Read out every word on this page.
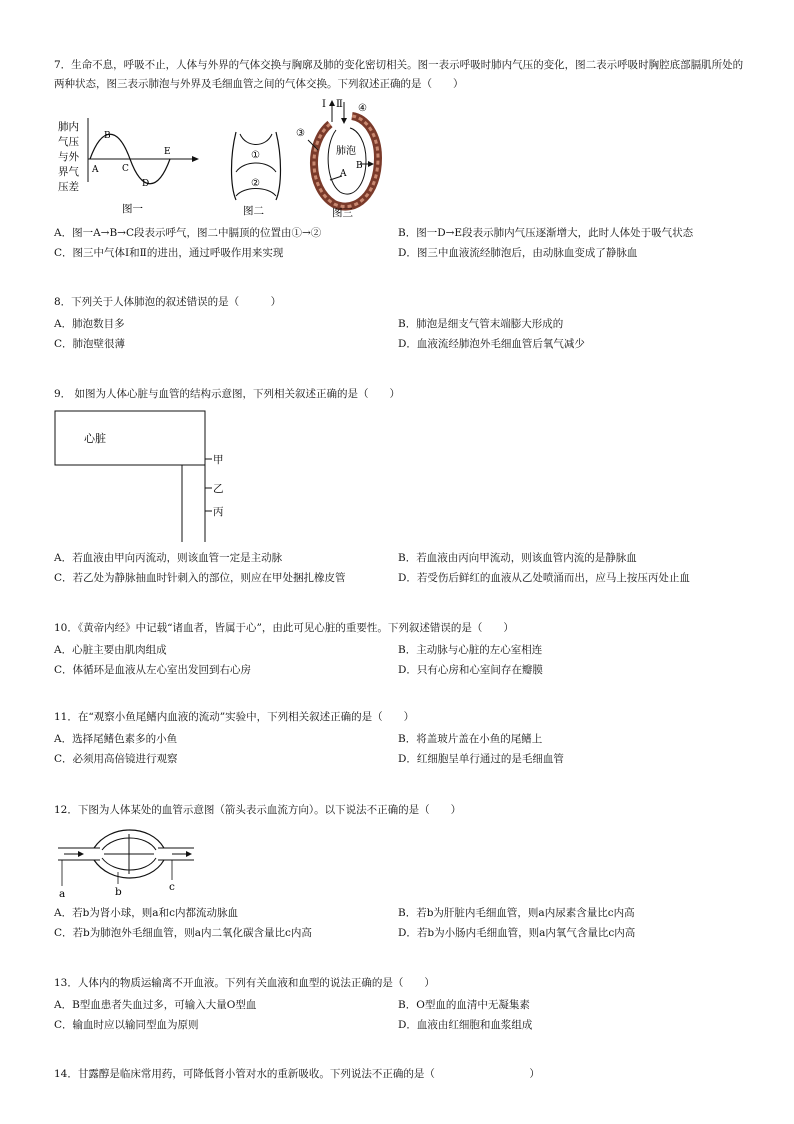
7．生命不息，呼吸不止，人体与外界的气体交换与胸廓及肺的变化密切相关。图一表示呼吸时肺内气压的变化，图二表示呼吸时胸腔底部膈肌所处的两种状态，图三表示肺泡与外界及毛细血管之间的气体交换。下列叙述正确的是（　　）
肺内
气压
与外
界气
压差
A
B
C
D
E
图一
①
②
图二
Ⅰ Ⅱ
③
④
肺泡
A
B
图三
A．图一A→B→C段表示呼气，图二中膈顶的位置由①→②	B．图一D→E段表示肺内气压逐渐增大，此时人体处于吸气状态
C．图三中气体Ⅰ和Ⅱ的进出，通过呼吸作用来实现	D．图三中血液流经肺泡后，由动脉血变成了静脉血
8．下列关于人体肺泡的叙述错误的是（　　　）
A．肺泡数目多	B．肺泡是细支气管末端膨大形成的
C．肺泡壁很薄	D．血液流经肺泡外毛细血管后氧气减少
9． 如图为人体心脏与血管的结构示意图，下列相关叙述正确的是（　　）
心脏
甲
乙
丙
A．若血液由甲向丙流动，则该血管一定是主动脉	B．若血液由丙向甲流动，则该血管内流的是静脉血
C．若乙处为静脉抽血时针刺入的部位，则应在甲处捆扎橡皮管	D．若受伤后鲜红的血液从乙处喷涌而出，应马上按压丙处止血
10．《黄帝内经》中记载“诸血者，皆属于心”，由此可见心脏的重要性。下列叙述错误的是（　　）
A．心脏主要由肌肉组成	B．主动脉与心脏的左心室相连
C．体循环是血液从左心室出发回到右心房	D．只有心房和心室间存在瓣膜
11．在“观察小鱼尾鳍内血液的流动”实验中，下列相关叙述正确的是（　　）
A．选择尾鳍色素多的小鱼	B．将盖玻片盖在小鱼的尾鳍上
C．必须用高倍镜进行观察	D．红细胞呈单行通过的是毛细血管
12．下图为人体某处的血管示意图（箭头表示血流方向）。以下说法不正确的是（　　）
a	b	c
A．若b为肾小球，则a和c内都流动脉血	B．若b为肝脏内毛细血管，则a内尿素含量比c内高
C．若b为肺泡外毛细血管，则a内二氧化碳含量比c内高	D．若b为小肠内毛细血管，则a内氧气含量比c内高
13．人体内的物质运输离不开血液。下列有关血液和血型的说法正确的是（　　）
A．B型血患者失血过多，可输入大量O型血	B．O型血的血清中无凝集素
C．输血时应以输同型血为原则	D．血液由红细胞和血浆组成
14．甘露醇是临床常用药，可降低肾小管对水的重新吸收。下列说法不正确的是（　　　　　　　　　）
